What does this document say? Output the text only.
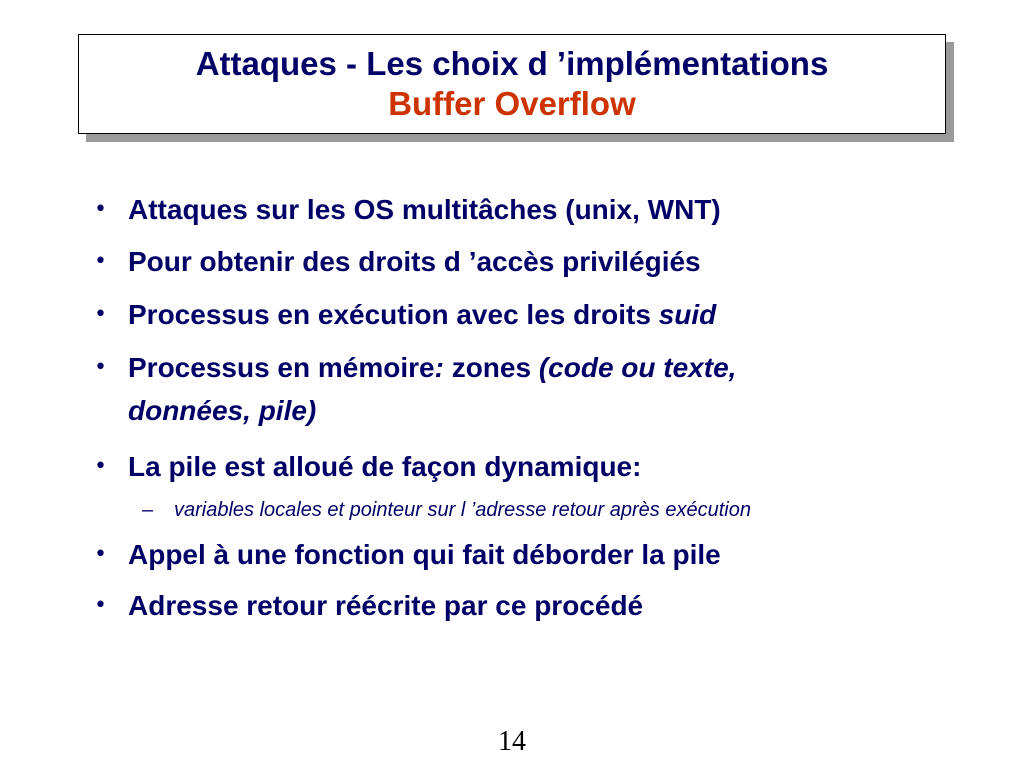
Attaques - Les choix d ’implémentations
Buffer Overflow
• Attaques sur les OS multitâches (unix, WNT)
• Pour obtenir des droits d ’accès privilégiés
• Processus en exécution avec les droits suid
• Processus en mémoire: zones (code ou texte,
données, pile)
• La pile est alloué de façon dynamique:
– variables locales et pointeur sur l ’adresse retour après exécution
• Appel à une fonction qui fait déborder la pile
• Adresse retour réécrite par ce procédé
14
